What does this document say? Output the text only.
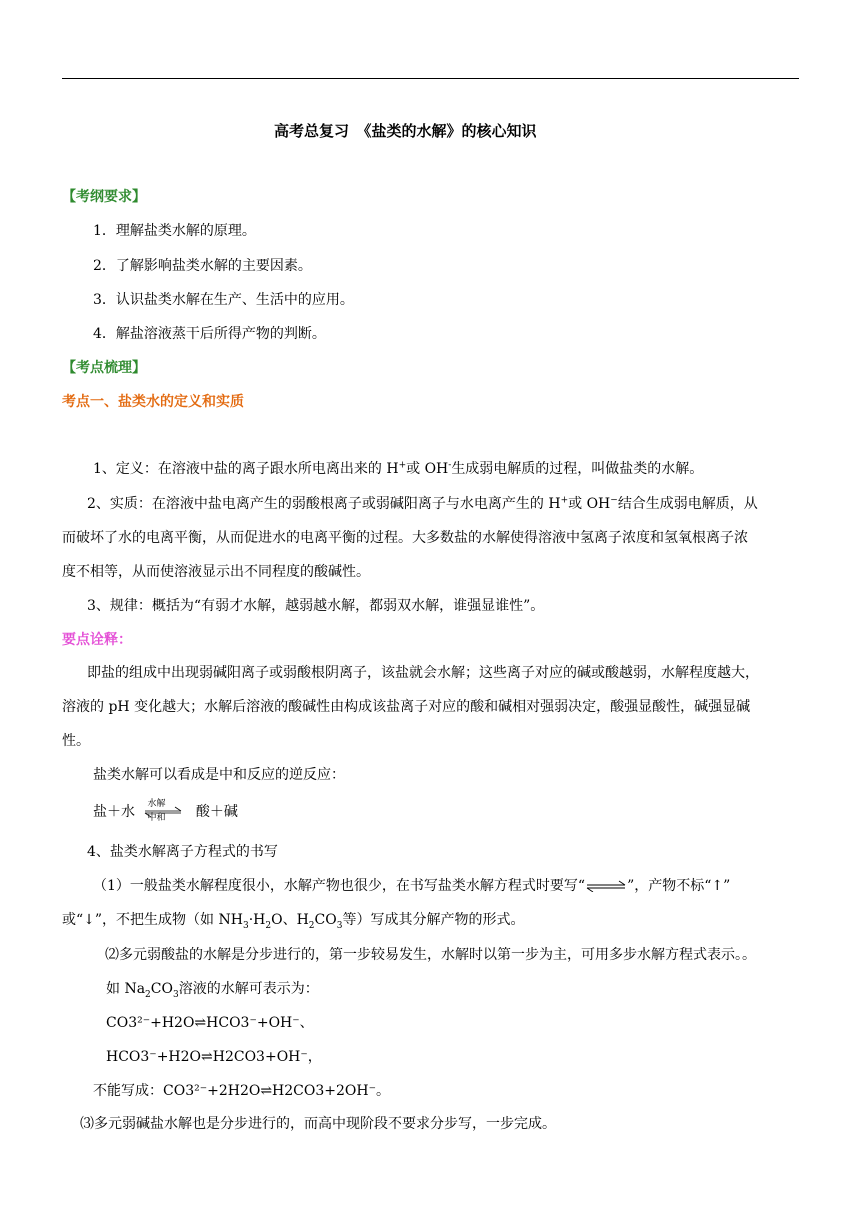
高考总复习　《盐类的水解》的核心知识
【考纲要求】
1．理解盐类水解的原理。
2．了解影响盐类水解的主要因素。
3．认识盐类水解在生产、生活中的应用。
4．解盐溶液蒸干后所得产物的判断。
【考点梳理】
考点一、盐类水的定义和实质
1、定义：在溶液中盐的离子跟水所电离出来的 H+或 OH-生成弱电解质的过程，叫做盐类的水解。
2、实质：在溶液中盐电离产生的弱酸根离子或弱碱阳离子与水电离产生的 H+或 OH−结合生成弱电解质，从
而破坏了水的电离平衡，从而促进水的电离平衡的过程。大多数盐的水解使得溶液中氢离子浓度和氢氧根离子浓
度不相等，从而使溶液显示出不同程度的酸碱性。
3、规律：概括为“有弱才水解，越弱越水解，都弱双水解，谁强显谁性”。
要点诠释：
即盐的组成中出现弱碱阳离子或弱酸根阴离子，该盐就会水解；这些离子对应的碱或酸越弱，水解程度越大，
溶液的 pH 变化越大；水解后溶液的酸碱性由构成该盐离子对应的酸和碱相对强弱决定，酸强显酸性，碱强显碱
性。
盐类水解可以看成是中和反应的逆反应：
盐＋水 水解
中和 酸＋碱
4、盐类水解离子方程式的书写
（1）一般盐类水解程度很小，水解产物也很少，在书写盐类水解方程式时要写“⇌”，产物不标“↑”
或“↓”，不把生成物（如 $NH_3\cdot H_2O$、$H_2CO_3$等）写成其分解产物的形式。
⑵多元弱酸盐的水解是分步进行的，第一步较易发生，水解时以第一步为主，可用多步水解方程式表示。。
如 $Na_2CO_3$溶液的水解可表示为：
CO3²⁻+H2O⇌HCO3⁻+OH⁻、
HCO3⁻+H2O⇌H2CO3+OH⁻，
不能写成：CO3²⁻+2H2O⇌H2CO3+2OH⁻。
⑶多元弱碱盐水解也是分步进行的，而高中现阶段不要求分步写，一步完成。
